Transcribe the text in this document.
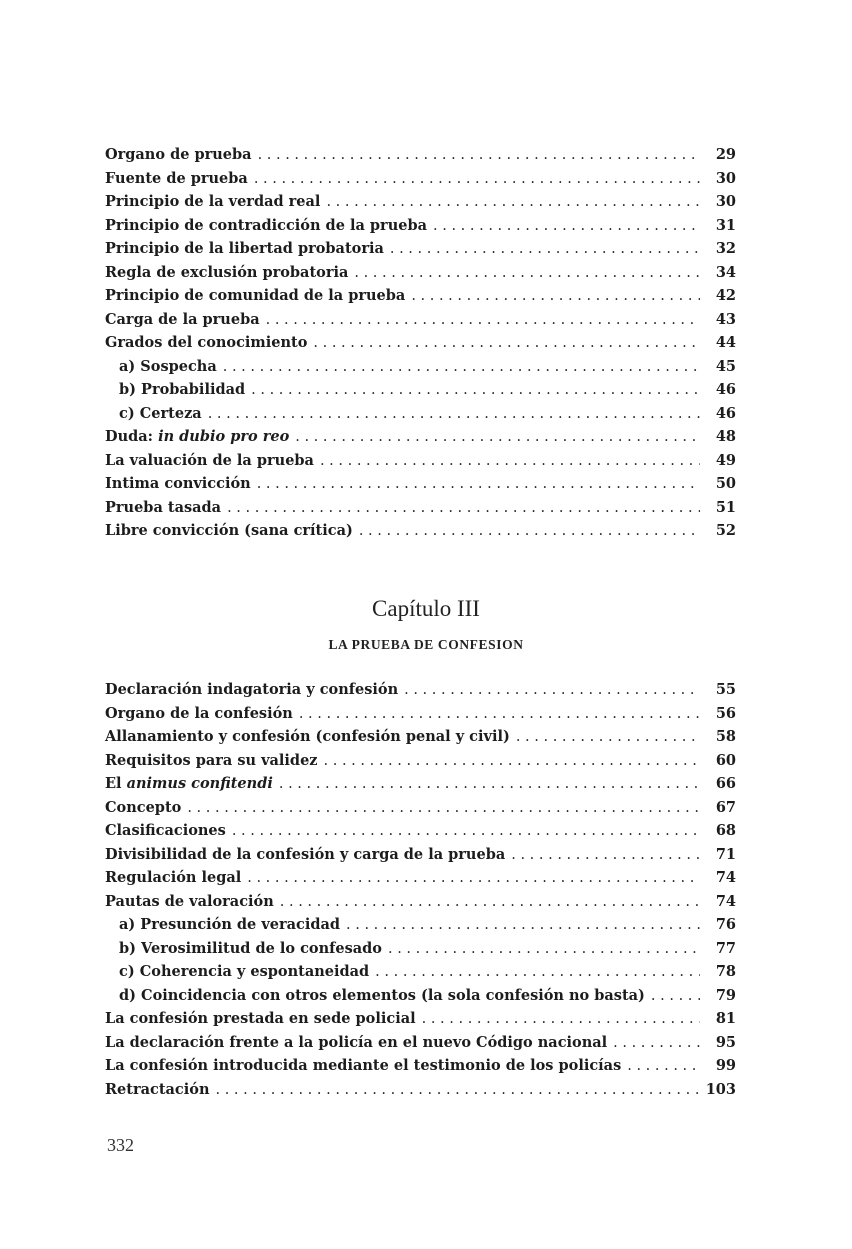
Organo de prueba . . .	29
Fuente de prueba . . .	30
Principio de la verdad real . . .	30
Principio de contradicción de la prueba . . .	31
Principio de la libertad probatoria . . .	32
Regla de exclusión probatoria . . .	34
Principio de comunidad de la prueba . . .	42
Carga de la prueba . . .	43
Grados del conocimiento . . .	44
a) Sospecha . . .	45
b) Probabilidad . . .	46
c) Certeza . . .	46
Duda: in dubio pro reo . . .	48
La valuación de la prueba . . .	49
Intima convicción . . .	50
Prueba tasada . . .	51
Libre convicción (sana crítica) . . .	52
Capítulo III
LA PRUEBA DE CONFESION
Declaración indagatoria y confesión . . .	55
Organo de la confesión . . .	56
Allanamiento y confesión (confesión penal y civil) . . .	58
Requisitos para su validez . . .	60
El animus confitendi . . .	66
Concepto . . .	67
Clasificaciones . . .	68
Divisibilidad de la confesión y carga de la prueba . . .	71
Regulación legal . . .	74
Pautas de valoración . . .	74
a) Presunción de veracidad . . .	76
b) Verosimilitud de lo confesado . . .	77
c) Coherencia y espontaneidad . . .	78
d) Coincidencia con otros elementos (la sola confesión no basta) . . .	79
La confesión prestada en sede policial . . .	81
La declaración frente a la policía en el nuevo Código nacional . . .	95
La confesión introducida mediante el testimonio de los policías . . .	99
Retractación . . .	103
332
